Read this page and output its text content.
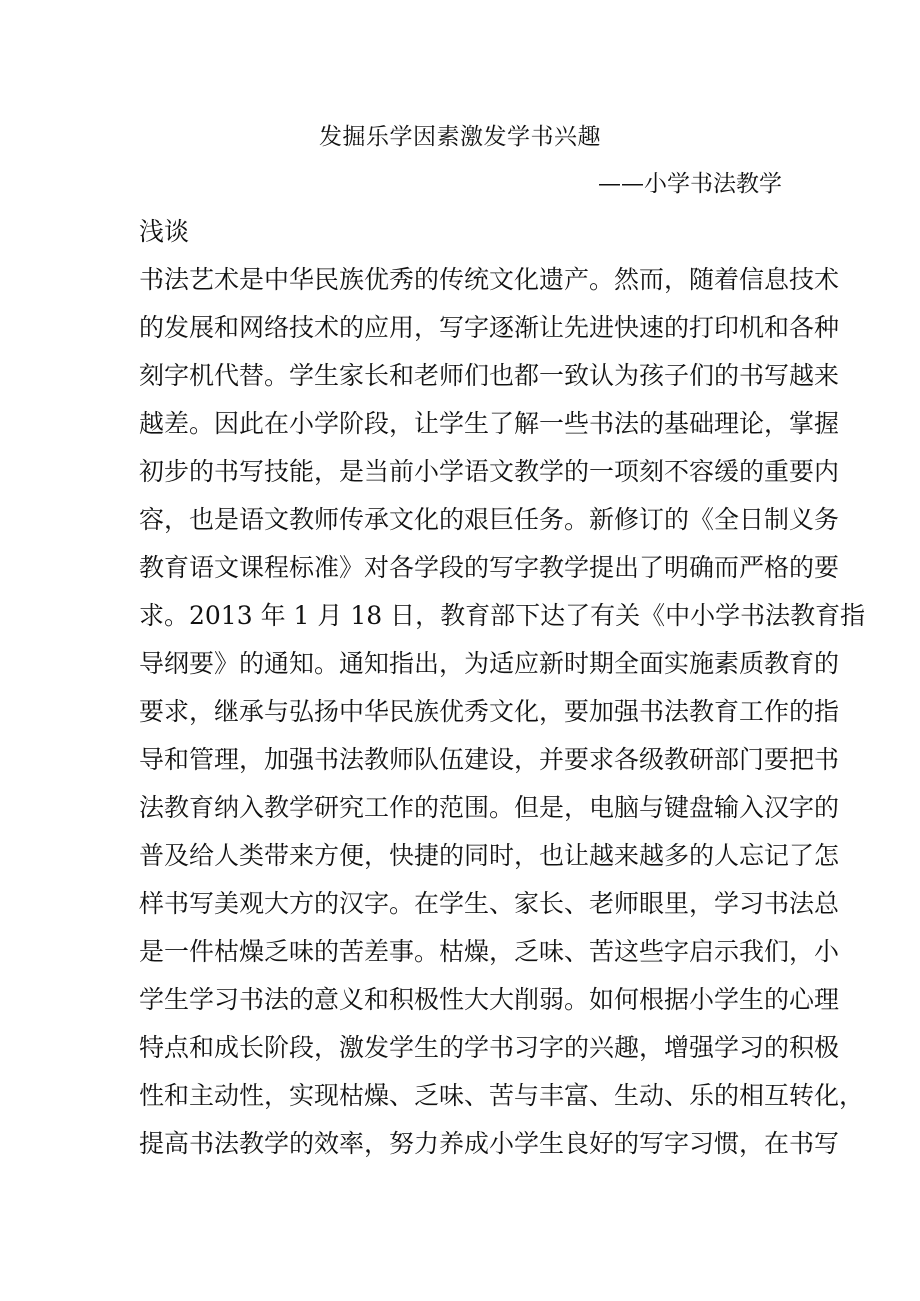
发掘乐学因素激发学书兴趣
——小学书法教学
浅谈
书法艺术是中华民族优秀的传统文化遗产。然而，随着信息技术
的发展和网络技术的应用，写字逐渐让先进快速的打印机和各种
刻字机代替。学生家长和老师们也都一致认为孩子们的书写越来
越差。因此在小学阶段，让学生了解一些书法的基础理论，掌握
初步的书写技能，是当前小学语文教学的一项刻不容缓的重要内
容，也是语文教师传承文化的艰巨任务。新修订的《全日制义务
教育语文课程标准》对各学段的写字教学提出了明确而严格的要
求。2013 年 1 月 18 日，教育部下达了有关《中小学书法教育指
导纲要》的通知。通知指出，为适应新时期全面实施素质教育的
要求，继承与弘扬中华民族优秀文化，要加强书法教育工作的指
导和管理，加强书法教师队伍建设，并要求各级教研部门要把书
法教育纳入教学研究工作的范围。但是，电脑与键盘输入汉字的
普及给人类带来方便，快捷的同时，也让越来越多的人忘记了怎
样书写美观大方的汉字。在学生、家长、老师眼里，学习书法总
是一件枯燥乏味的苦差事。枯燥，乏味、苦这些字启示我们，小
学生学习书法的意义和积极性大大削弱。如何根据小学生的心理
特点和成长阶段，激发学生的学书习字的兴趣，增强学习的积极
性和主动性，实现枯燥、乏味、苦与丰富、生动、乐的相互转化，
提高书法教学的效率，努力养成小学生良好的写字习惯，在书写
